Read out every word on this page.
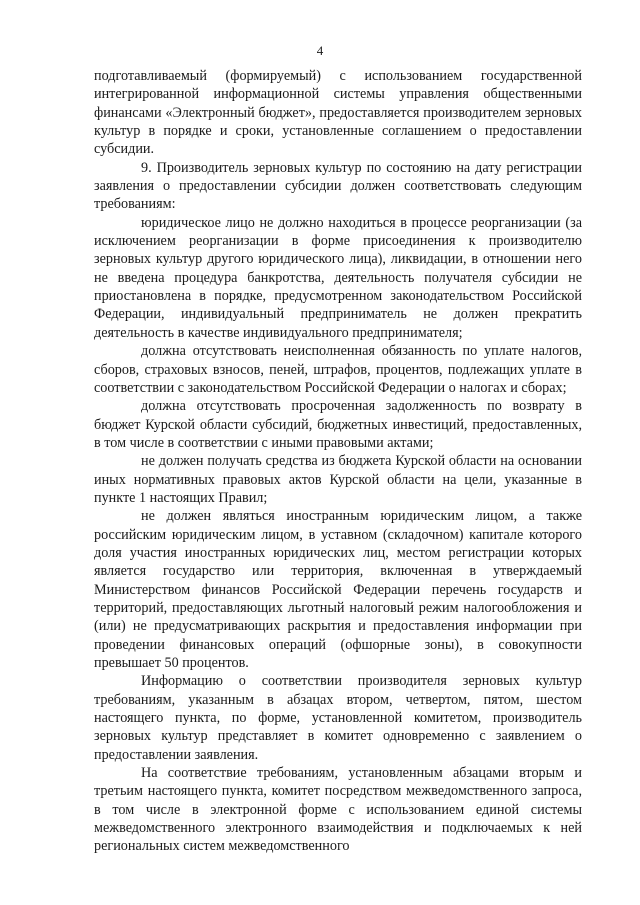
4

подготавливаемый (формируемый) с использованием государственной интегрированной информационной системы управления общественными финансами «Электронный бюджет», предоставляется производителем зерновых культур в порядке и сроки, установленные соглашением о предоставлении субсидии.

9. Производитель зерновых культур по состоянию на дату регистрации заявления о предоставлении субсидии должен соответствовать следующим требованиям:

юридическое лицо не должно находиться в процессе реорганизации (за исключением реорганизации в форме присоединения к производителю зерновых культур другого юридического лица), ликвидации, в отношении него не введена процедура банкротства, деятельность получателя субсидии не приостановлена в порядке, предусмотренном законодательством Российской Федерации, индивидуальный предприниматель не должен прекратить деятельность в качестве индивидуального предпринимателя;

должна отсутствовать неисполненная обязанность по уплате налогов, сборов, страховых взносов, пеней, штрафов, процентов, подлежащих уплате в соответствии с законодательством Российской Федерации о налогах и сборах;

должна отсутствовать просроченная задолженность по возврату в бюджет Курской области субсидий, бюджетных инвестиций, предоставленных, в том числе в соответствии с иными правовыми актами;

не должен получать средства из бюджета Курской области на основании иных нормативных правовых актов Курской области на цели, указанные в пункте 1 настоящих Правил;

не должен являться иностранным юридическим лицом, а также российским юридическим лицом, в уставном (складочном) капитале которого доля участия иностранных юридических лиц, местом регистрации которых является государство или территория, включенная в утверждаемый Министерством финансов Российской Федерации перечень государств и территорий, предоставляющих льготный налоговый режим налогообложения и (или) не предусматривающих раскрытия и предоставления информации при проведении финансовых операций (офшорные зоны), в совокупности превышает 50 процентов.

Информацию о соответствии производителя зерновых культур требованиям, указанным в абзацах втором, четвертом, пятом, шестом настоящего пункта, по форме, установленной комитетом, производитель зерновых культур представляет в комитет одновременно с заявлением о предоставлении заявления.

На соответствие требованиям, установленным абзацами вторым и третьим настоящего пункта, комитет посредством межведомственного запроса, в том числе в электронной форме с использованием единой системы межведомственного электронного взаимодействия и подключаемых к ней региональных систем межведомственного
